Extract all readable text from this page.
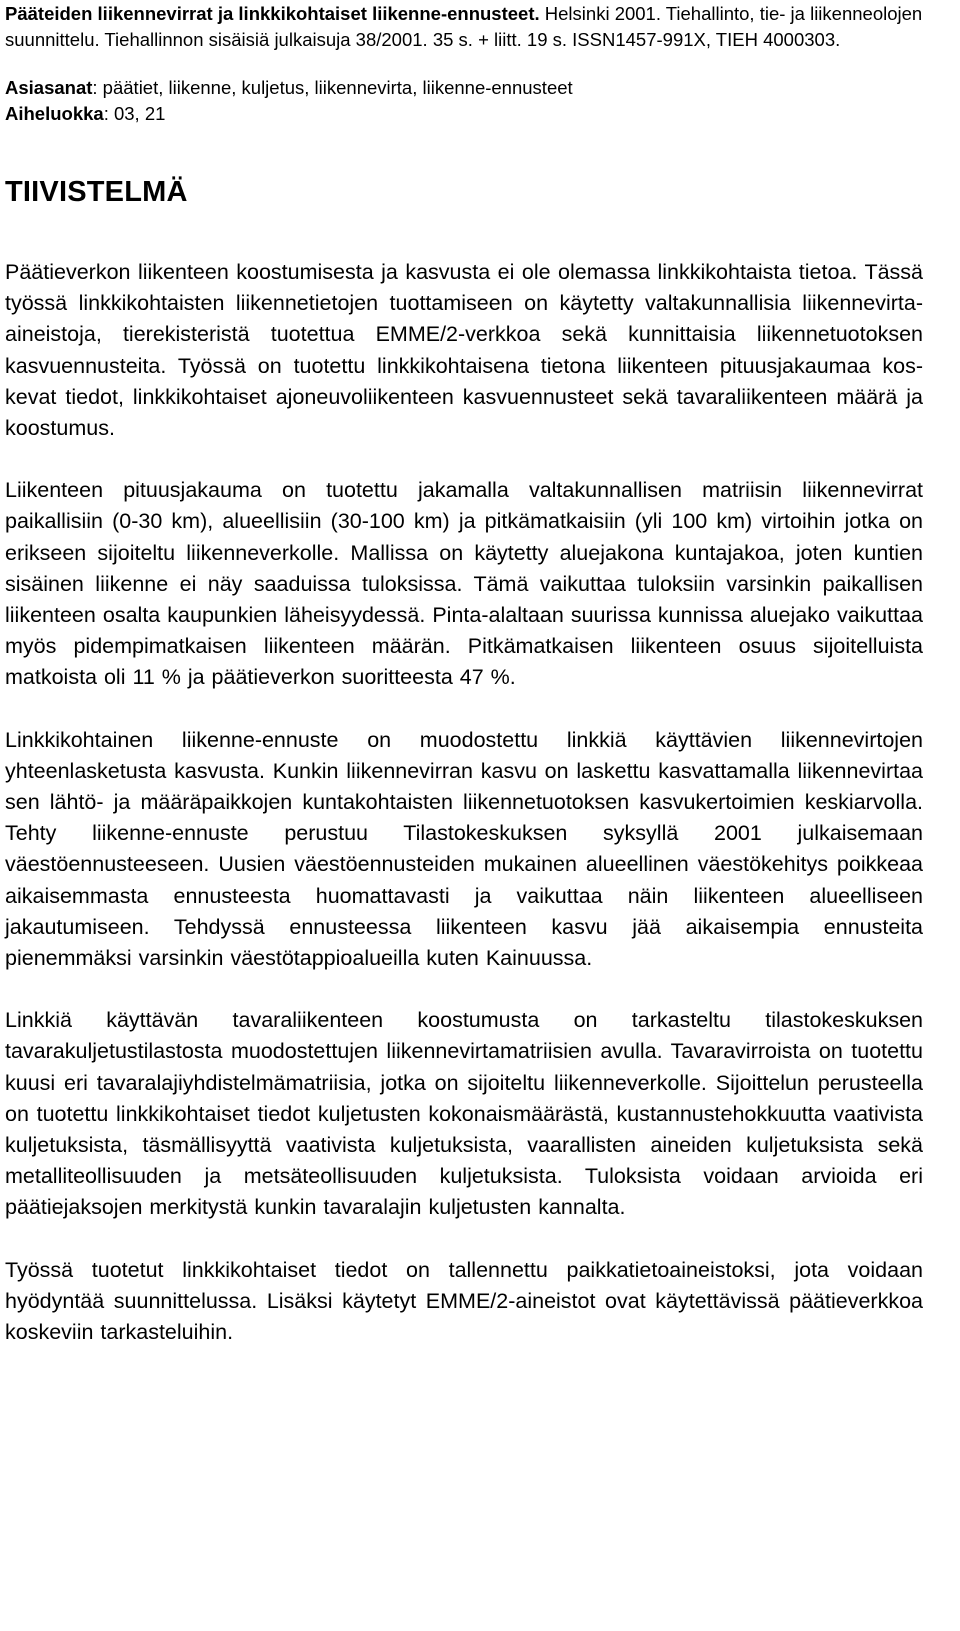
Pääteiden liikennevirrat ja linkkikohtaiset liikenne-ennusteet. Helsinki 2001. Tiehallinto, tie- ja liikenneolojen suunnittelu. Tiehallinnon sisäisiä julkaisuja 38/2001. 35 s. + liitt. 19 s. ISSN1457-991X, TIEH 4000303.

Asiasanat: päätiet, liikenne, kuljetus, liikennevirta, liikenne-ennusteet

Aiheluokka: 03, 21

TIIVISTELMÄ

Päätieverkon liikenteen koostumisesta ja kasvusta ei ole olemassa linkkikohtaista tietoa. Tässä työssä linkkikohtaisten liikennetietojen tuottamiseen on käytetty valtakunnallisia liikennevirta-aineistoja, tierekisteristä tuotettua EMME/2-verkkoa sekä kunnittaisia liikennetuotoksen kasvuennusteita. Työssä on tuotettu linkkikohtaisena tietona liikenteen pituusjakaumaa koskevat tiedot, linkkikohtaiset ajoneuvoliikenteen kasvuennusteet sekä tavaraliikenteen määrä ja koostumus.

Liikenteen pituusjakauma on tuotettu jakamalla valtakunnallisen matriisin liikennevirrat paikallisiin (0-30 km), alueellisiin (30-100 km) ja pitkämatkaisiin (yli 100 km) virtoihin jotka on erikseen sijoiteltu liikenneverkolle. Mallissa on käytetty aluejakona kuntajakoa, joten kuntien sisäinen liikenne ei näy saaduissa tuloksissa. Tämä vaikuttaa tuloksiin varsinkin paikallisen liikenteen osalta kaupunkien läheisyydessä. Pinta-alaltaan suurissa kunnissa aluejako vaikuttaa myös pidempimatkaisen liikenteen määrän. Pitkämatkaisen liikenteen osuus sijoitelluista matkoista oli 11 % ja päätieverkon suoritteesta 47 %.

Linkkikohtainen liikenne-ennuste on muodostettu linkkiä käyttävien liikennevirtojen yhteenlasketusta kasvusta. Kunkin liikennevirran kasvu on laskettu kasvattamalla liikennevirtaa sen lähtö- ja määräpaikkojen kuntakohtaisten liikennetuotoksen kasvukertoimien keskiarvolla. Tehty liikenne-ennuste perustuu Tilastokeskuksen syksyllä 2001 julkaisemaan väestöennusteeseen. Uusien väestöennusteiden mukainen alueellinen väestökehitys poikkeaa aikaisemmasta ennusteesta huomattavasti ja vaikuttaa näin liikenteen alueelliseen jakautumiseen. Tehdyssä ennusteessa liikenteen kasvu jää aikaisempia ennusteita pienemmäksi varsinkin väestötappioalueilla kuten Kainuussa.

Linkkiä käyttävän tavaraliikenteen koostumusta on tarkasteltu tilastokeskuksen tavarakuljetustilastosta muodostettujen liikennevirtamatriisien avulla. Tavaravirroista on tuotettu kuusi eri tavaralajiyhdistelmämatriisia, jotka on sijoiteltu liikenneverkolle. Sijoittelun perusteella on tuotettu linkkikohtaiset tiedot kuljetusten kokonaismäärästä, kustannustehokkuutta vaativista kuljetuksista, täsmällisyyttä vaativista kuljetuksista, vaarallisten aineiden kuljetuksista sekä metalliteollisuuden ja metsäteollisuuden kuljetuksista. Tuloksista voidaan arvioida eri päätiejaksojen merkitystä kunkin tavaralajin kuljetusten kannalta.

Työssä tuotetut linkkikohtaiset tiedot on tallennettu paikkatietoaineistoksi, jota voidaan hyödyntää suunnittelussa. Lisäksi käytetyt EMME/2-aineistot ovat käytettävissä päätieverkkoa koskeviin tarkasteluihin.
